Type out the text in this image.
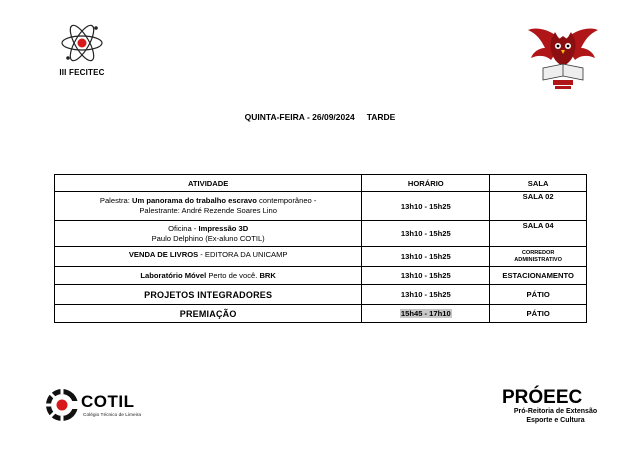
III FECITEC
QUINTA-FEIRA - 26/09/2024 TARDE
ATIVIDADE	HORÁRIO	SALA
Palestra: Um panorama do trabalho escravo contemporâneo -
Palestrante: André Rezende Soares Lino	13h10 - 15h25	SALA 02
Oficina - Impressão 3D
Paulo Delphino (Ex-aluno COTIL)	13h10 - 15h25	SALA 04
VENDA DE LIVROS - EDITORA DA UNICAMP	13h10 - 15h25	CORREDOR
ADMINISTRATIVO
Laboratório Móvel Perto de você. BRK	13h10 - 15h25	ESTACIONAMENTO
PROJETOS INTEGRADORES	13h10 - 15h25	PÁTIO
PREMIAÇÃO	15h45 - 17h10	PÁTIO
COTIL
Colégio Técnico de Limeira
PRÓEEC
Pró-Reitoria de Extensão
Esporte e Cultura
